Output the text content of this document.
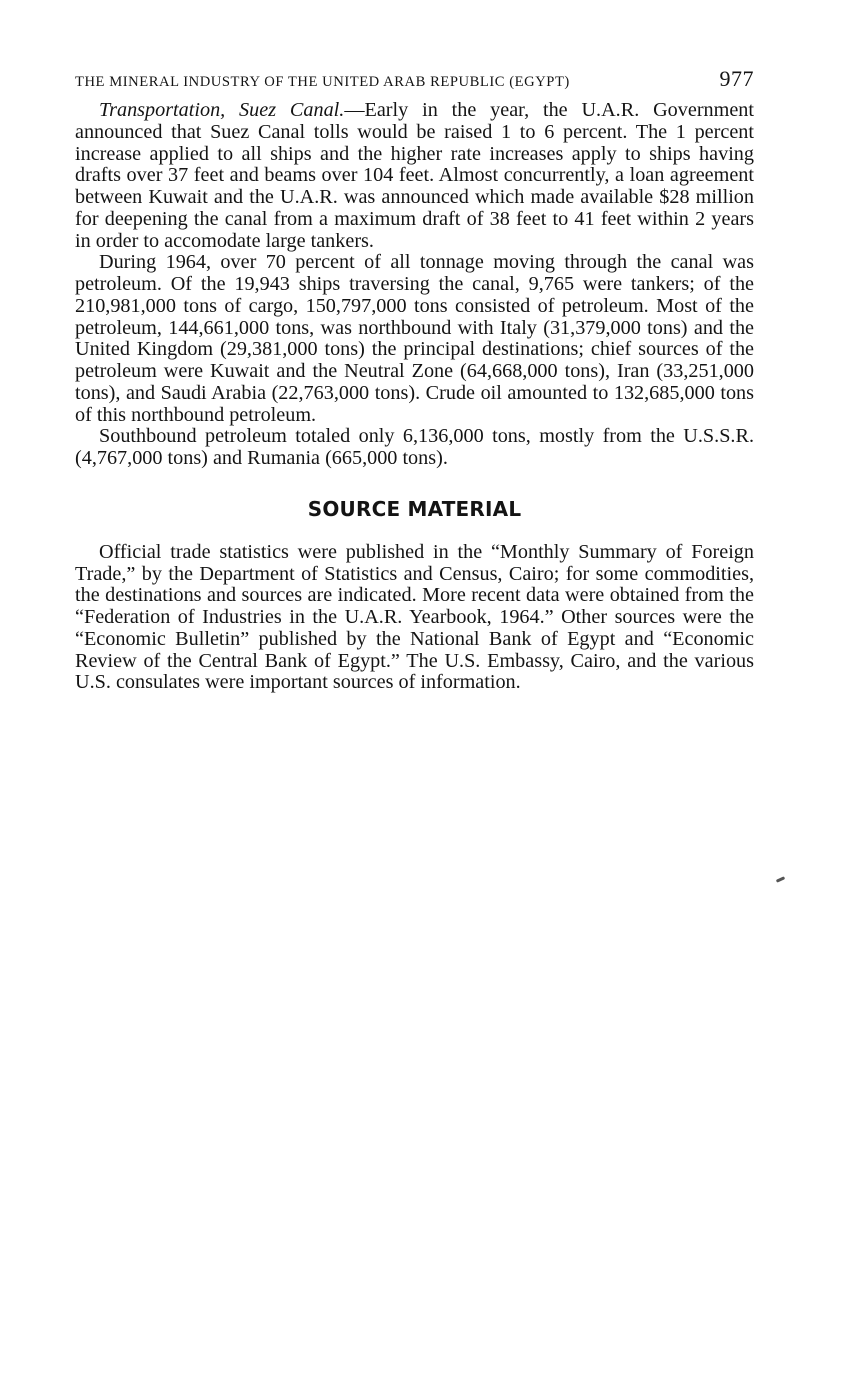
THE MINERAL INDUSTRY OF THE UNITED ARAB REPUBLIC (EGYPT)	977

Transportation, Suez Canal.—Early in the year, the U.A.R. Government announced that Suez Canal tolls would be raised 1 to 6 percent. The 1 percent increase applied to all ships and the higher rate increases apply to ships having drafts over 37 feet and beams over 104 feet. Almost concurrently, a loan agreement between Kuwait and the U.A.R. was announced which made available $28 million for deepening the canal from a maximum draft of 38 feet to 41 feet within 2 years in order to accomodate large tankers.

During 1964, over 70 percent of all tonnage moving through the canal was petroleum. Of the 19,943 ships traversing the canal, 9,765 were tankers; of the 210,981,000 tons of cargo, 150,797,000 tons consisted of petroleum. Most of the petroleum, 144,661,000 tons, was northbound with Italy (31,379,000 tons) and the United Kingdom (29,381,000 tons) the principal destinations; chief sources of the petroleum were Kuwait and the Neutral Zone (64,668,000 tons), Iran (33,251,000 tons), and Saudi Arabia (22,763,000 tons). Crude oil amounted to 132,685,000 tons of this northbound petroleum.

Southbound petroleum totaled only 6,136,000 tons, mostly from the U.S.S.R. (4,767,000 tons) and Rumania (665,000 tons).

SOURCE MATERIAL

Official trade statistics were published in the “Monthly Summary of Foreign Trade,” by the Department of Statistics and Census, Cairo; for some commodities, the destinations and sources are indicated. More recent data were obtained from the “Federation of Industries in the U.A.R. Yearbook, 1964.” Other sources were the “Economic Bulletin” published by the National Bank of Egypt and “Economic Review of the Central Bank of Egypt.” The U.S. Embassy, Cairo, and the various U.S. consulates were important sources of information.
